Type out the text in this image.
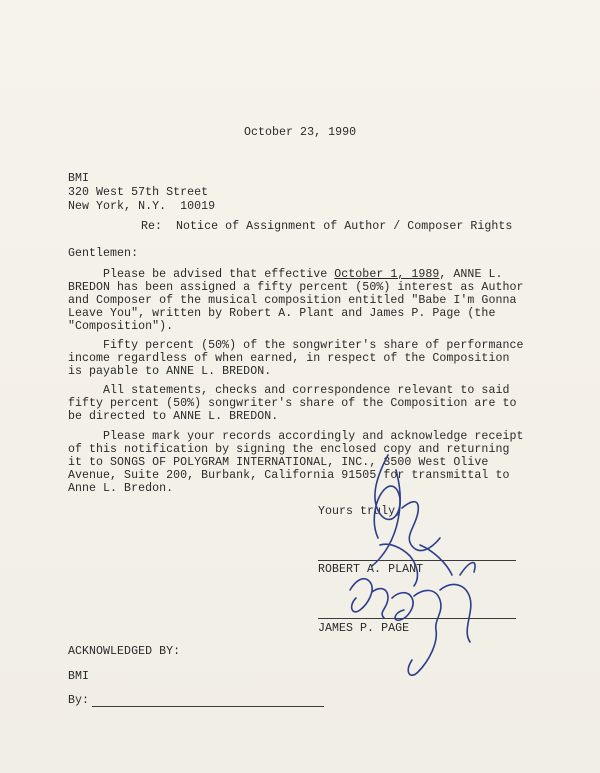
October 23, 1990
BMI
320 West 57th Street
New York, N.Y.  10019
Re:  Notice of Assignment of Author / Composer Rights
Gentlemen:
Please be advised that effective October 1, 1989, ANNE L.
BREDON has been assigned a fifty percent (50%) interest as Author
and Composer of the musical composition entitled "Babe I'm Gonna
Leave You", written by Robert A. Plant and James P. Page (the
"Composition").
Fifty percent (50%) of the songwriter's share of performance
income regardless of when earned, in respect of the Composition
is payable to ANNE L. BREDON.
All statements, checks and correspondence relevant to said
fifty percent (50%) songwriter's share of the Composition are to
be directed to ANNE L. BREDON.
Please mark your records accordingly and acknowledge receipt
of this notification by signing the enclosed copy and returning
it to SONGS OF POLYGRAM INTERNATIONAL, INC., 3500 West Olive
Avenue, Suite 200, Burbank, California 91505 for transmittal to
Anne L. Bredon.
Yours truly,
ROBERT A. PLANT
JAMES P. PAGE
ACKNOWLEDGED BY:
BMI
By:
